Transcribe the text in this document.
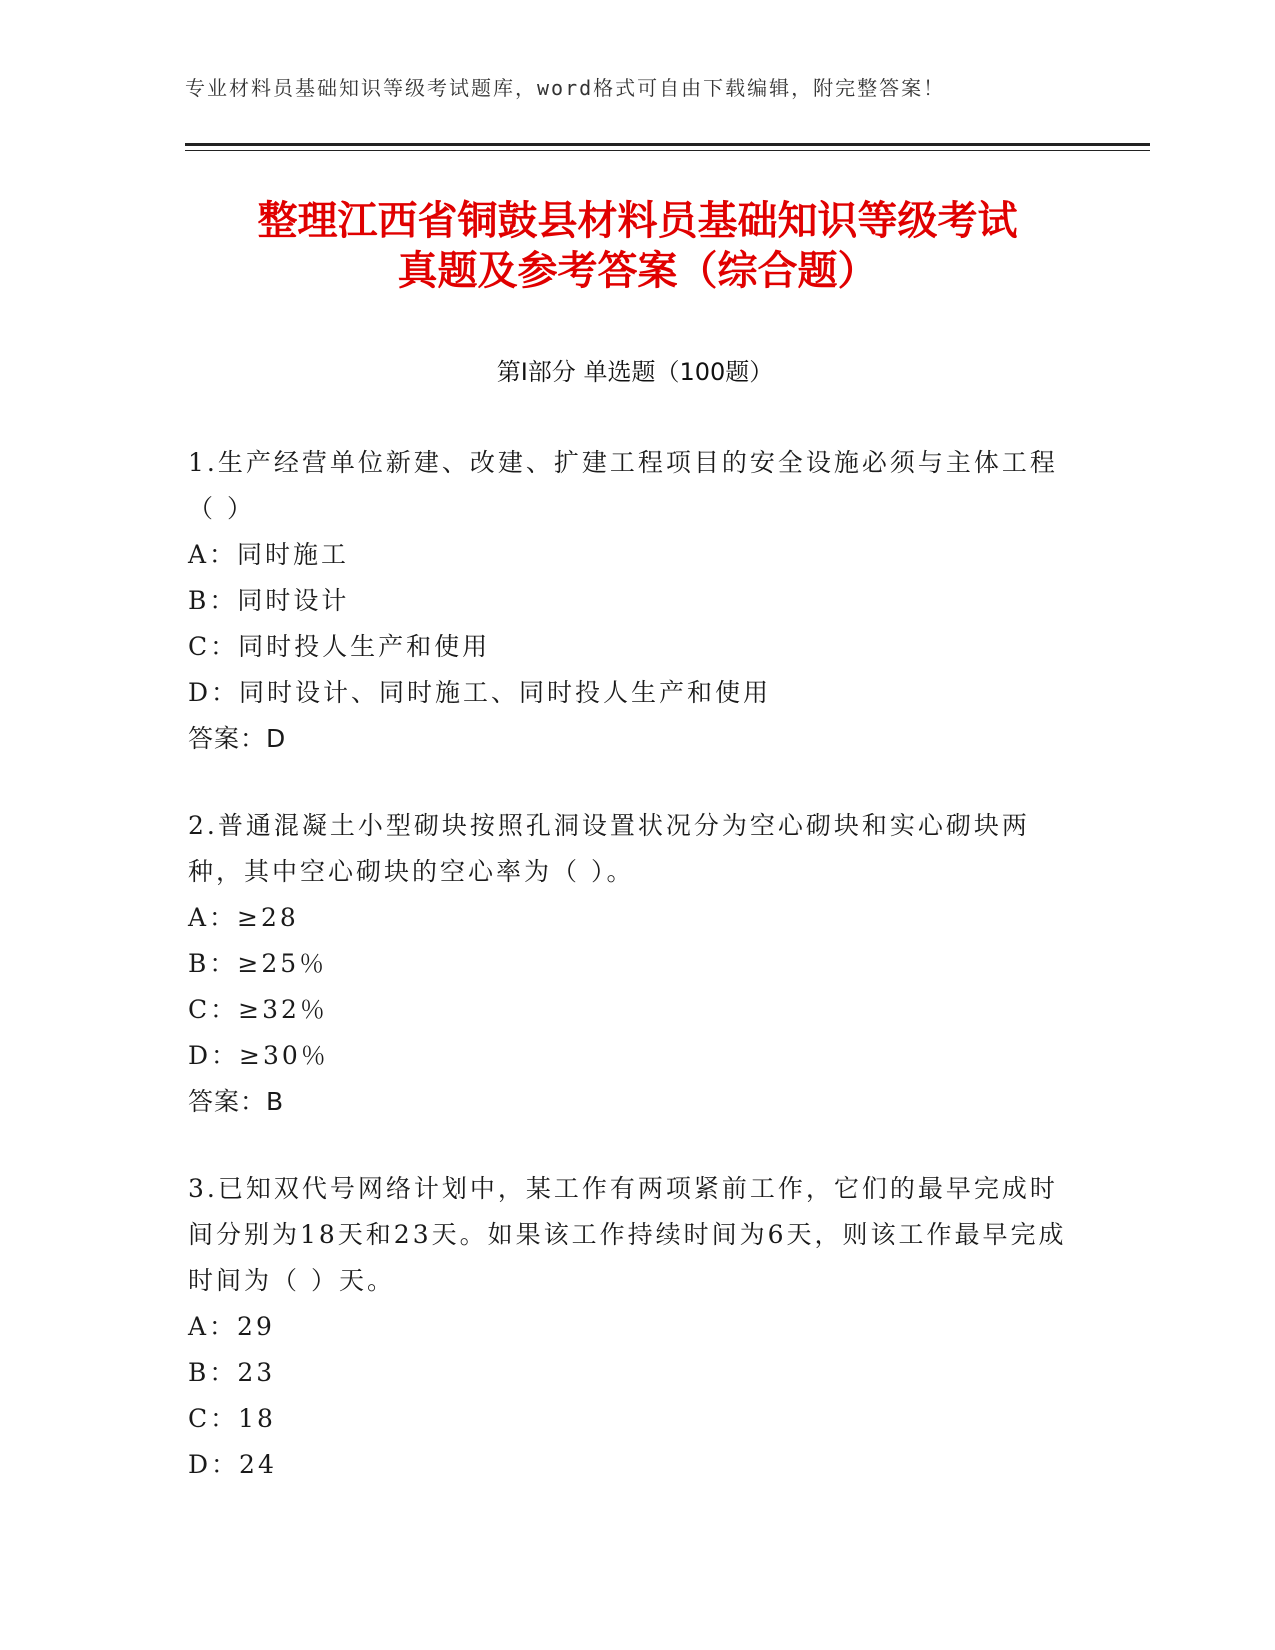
专业材料员基础知识等级考试题库，word格式可自由下载编辑，附完整答案！
整理江西省铜鼓县材料员基础知识等级考试
真题及参考答案（综合题）
第Ⅰ部分 单选题（100题）

1.生产经营单位新建、改建、扩建工程项目的安全设施必须与主体工程（ ）

A：同时施工

B：同时设计

C：同时投人生产和使用

D：同时设计、同时施工、同时投人生产和使用

答案：D

2.普通混凝土小型砌块按照孔洞设置状况分为空心砌块和实心砌块两种，其中空心砌块的空心率为（ ）。

A：≥28

B：≥25％

C：≥32％

D：≥30％

答案：B

3.已知双代号网络计划中，某工作有两项紧前工作，它们的最早完成时间分别为18天和23天。如果该工作持续时间为6天，则该工作最早完成时间为（ ）天。

A：29

B：23

C：18

D：24
